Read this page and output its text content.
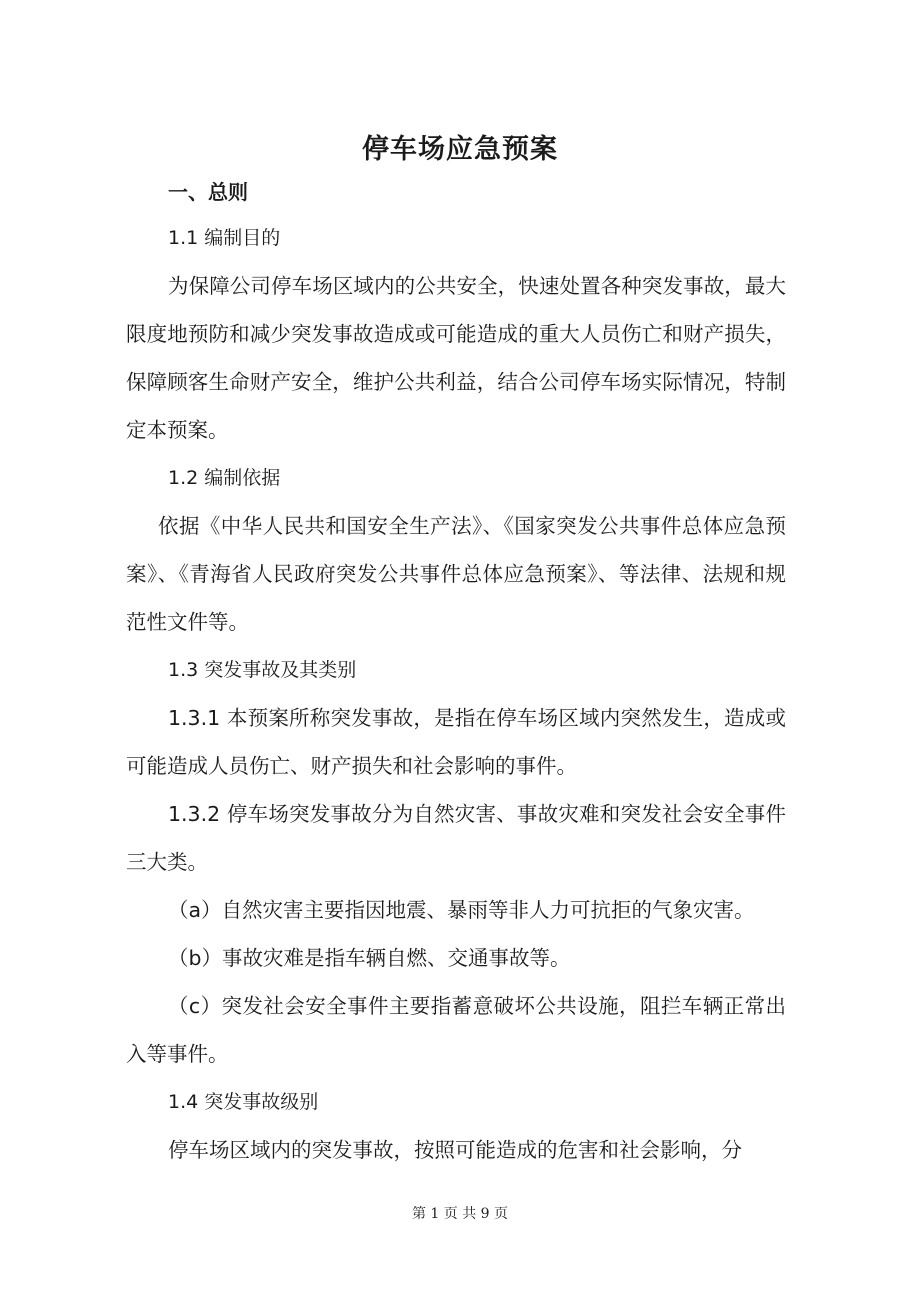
停车场应急预案

一、总则

1.1 编制目的

为保障公司停车场区域内的公共安全，快速处置各种突发事故，最大限度地预防和减少突发事故造成或可能造成的重大人员伤亡和财产损失，保障顾客生命财产安全，维护公共利益，结合公司停车场实际情况，特制定本预案。

1.2 编制依据

依据《中华人民共和国安全生产法》、《国家突发公共事件总体应急预案》、《青海省人民政府突发公共事件总体应急预案》、等法律、法规和规范性文件等。

1.3 突发事故及其类别

1.3.1 本预案所称突发事故，是指在停车场区域内突然发生，造成或可能造成人员伤亡、财产损失和社会影响的事件。

1.3.2 停车场突发事故分为自然灾害、事故灾难和突发社会安全事件三大类。

（a）自然灾害主要指因地震、暴雨等非人力可抗拒的气象灾害。

（b）事故灾难是指车辆自燃、交通事故等。

（c）突发社会安全事件主要指蓄意破坏公共设施，阻拦车辆正常出入等事件。

1.4 突发事故级别

停车场区域内的突发事故，按照可能造成的危害和社会影响，分

第 1 页 共 9 页
